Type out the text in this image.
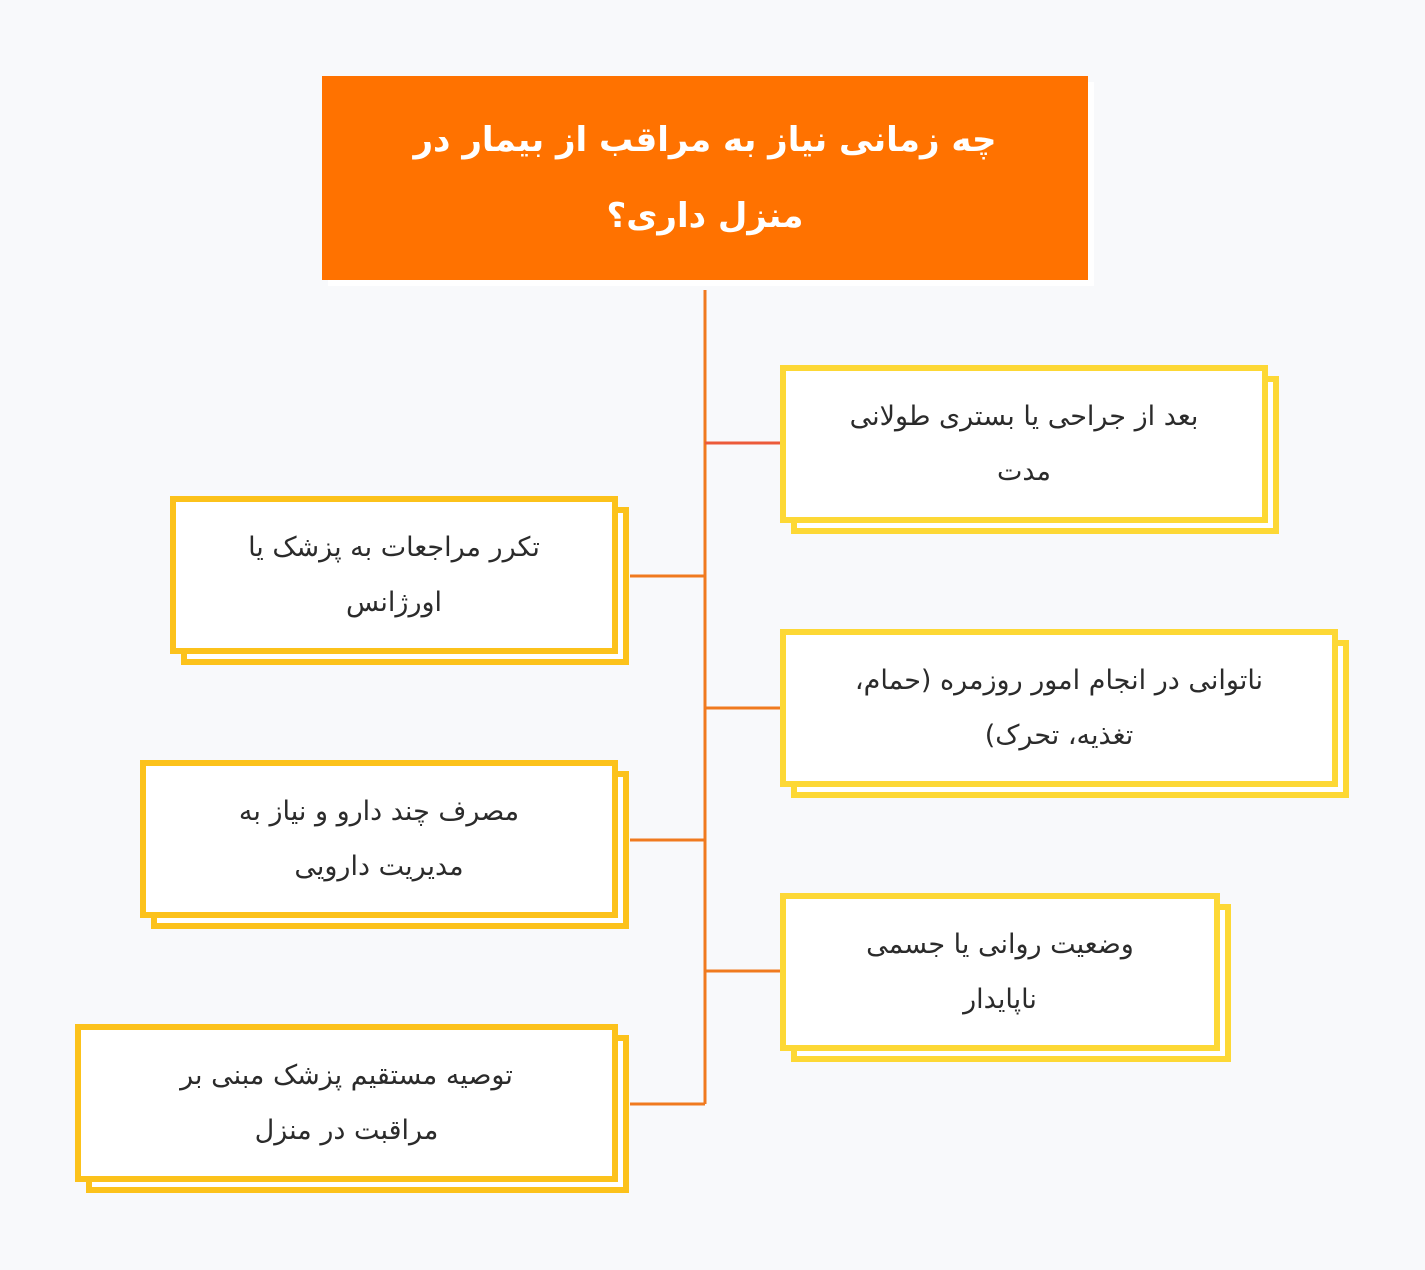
چه زمانی نیاز به مراقب از بیمار در منزل داری؟

بعد از جراحی یا بستری طولانی مدت

ناتوانی در انجام امور روزمره (حمام، تغذیه، تحرک)

وضعیت روانی یا جسمی ناپایدار

تکرر مراجعات به پزشک یا اورژانس

مصرف چند دارو و نیاز به مدیریت دارویی

توصیه مستقیم پزشک مبنی بر مراقبت در منزل
